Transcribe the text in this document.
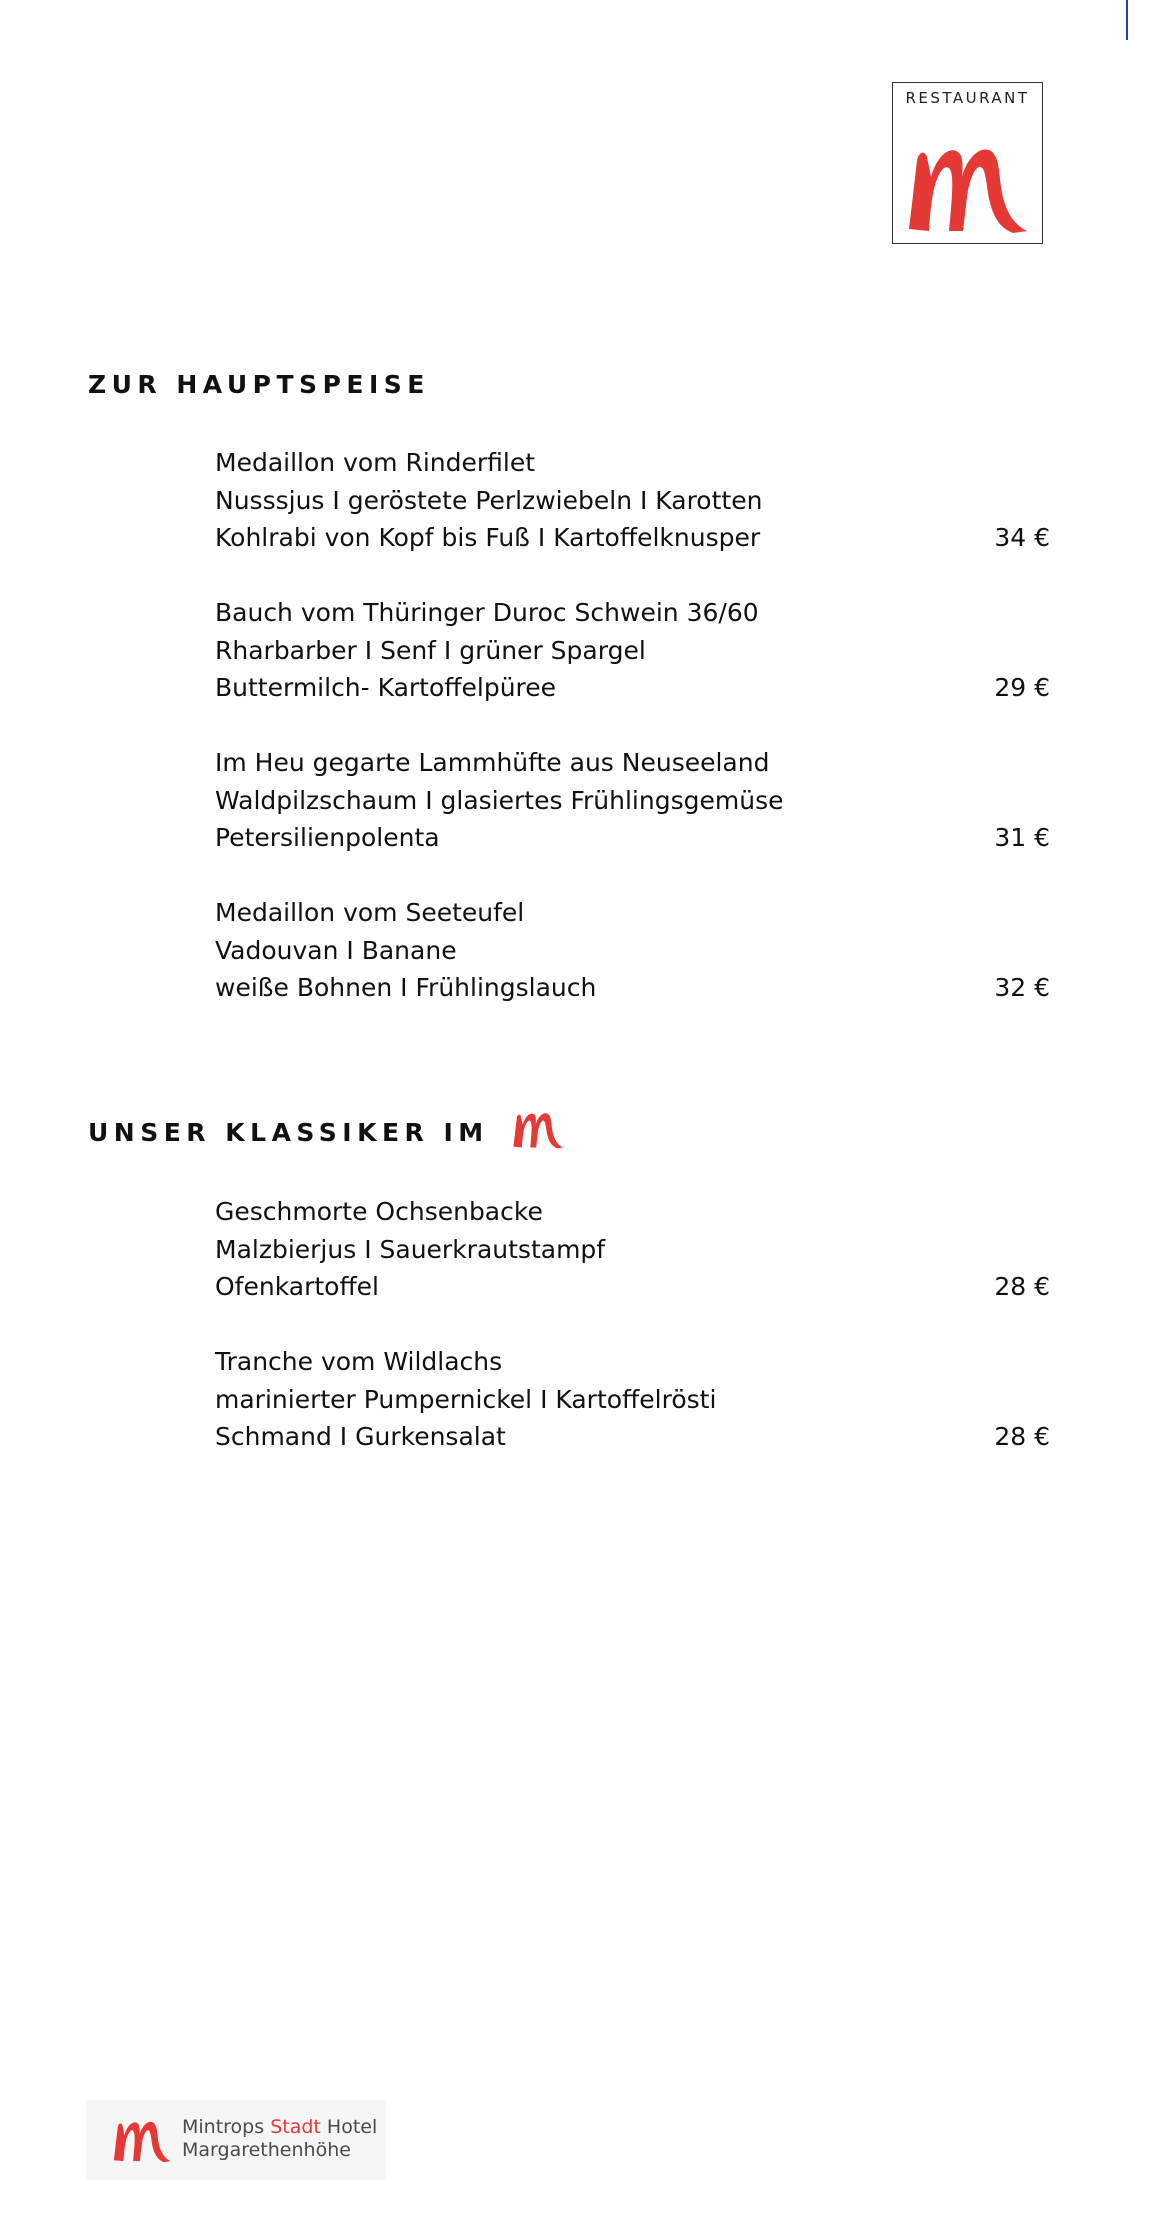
RESTAURANT
ZUR HAUPTSPEISE
Medaillon vom Rinderfilet
Nusssjus I geröstete Perlzwiebeln I Karotten
Kohlrabi von Kopf bis Fuß I Kartoffelknusper	34 €
Bauch vom Thüringer Duroc Schwein 36/60
Rharbarber I Senf I grüner Spargel
Buttermilch- Kartoffelpüree	29 €
Im Heu gegarte Lammhüfte aus Neuseeland
Waldpilzschaum I glasiertes Frühlingsgemüse
Petersilienpolenta	31 €
Medaillon vom Seeteufel
Vadouvan I Banane
weiße Bohnen I Frühlingslauch	32 €
UNSER KLASSIKER IM
Geschmorte Ochsenbacke
Malzbierjus I Sauerkrautstampf
Ofenkartoffel	28 €
Tranche vom Wildlachs
marinierter Pumpernickel I Kartoffelrösti
Schmand I Gurkensalat	28 €
Mintrops Stadt Hotel
Margarethenhöhe
